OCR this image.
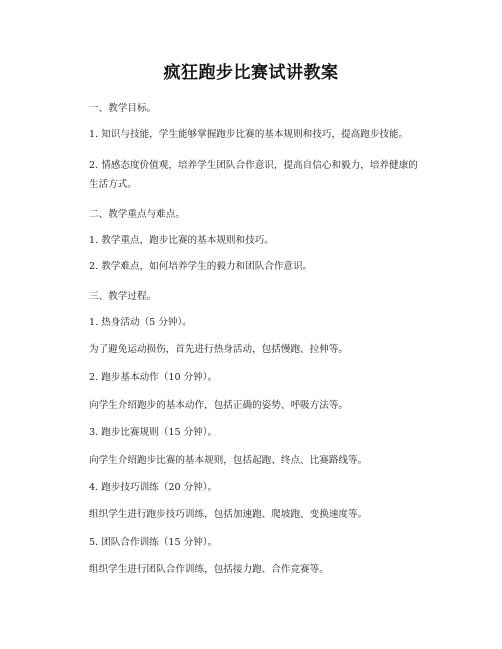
疯狂跑步比赛试讲教案
一、教学目标。
1. 知识与技能，学生能够掌握跑步比赛的基本规则和技巧，提高跑步技能。
2. 情感态度价值观，培养学生团队合作意识，提高自信心和毅力，培养健康的生活方式。
二、教学重点与难点。
1. 教学重点，跑步比赛的基本规则和技巧。
2. 教学难点，如何培养学生的毅力和团队合作意识。
三、教学过程。
1. 热身活动（5 分钟）。
为了避免运动损伤，首先进行热身活动，包括慢跑、拉伸等。
2. 跑步基本动作（10 分钟）。
向学生介绍跑步的基本动作，包括正确的姿势、呼吸方法等。
3. 跑步比赛规则（15 分钟）。
向学生介绍跑步比赛的基本规则，包括起跑、终点、比赛路线等。
4. 跑步技巧训练（20 分钟）。
组织学生进行跑步技巧训练，包括加速跑、爬坡跑、变换速度等。
5. 团队合作训练（15 分钟）。
组织学生进行团队合作训练，包括接力跑、合作竞赛等。
